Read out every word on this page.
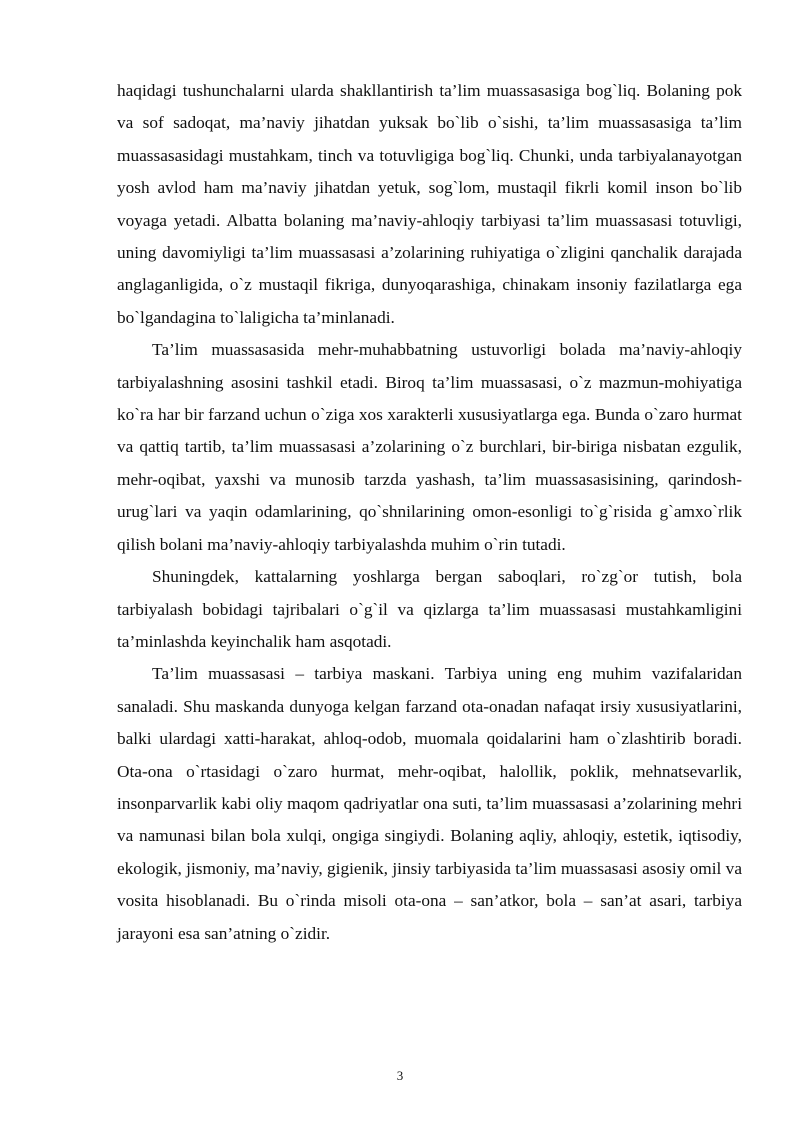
haqidagi tushunchalarni ularda shakllantirish ta’lim muassasasiga bog`liq. Bolaning pok va sof sadoqat, ma’naviy jihatdan yuksak bo`lib o`sishi, ta’lim muassasasiga ta’lim muassasasidagi mustahkam, tinch va totuvligiga bog`liq. Chunki, unda tarbiyalanayotgan yosh avlod ham ma’naviy jihatdan yetuk, sog`lom, mustaqil fikrli komil inson bo`lib voyaga yetadi. Albatta bolaning ma’naviy-ahloqiy tarbiyasi ta’lim muassasasi totuvligi, uning davomiyligi ta’lim muassasasi a’zolarining ruhiyatiga o`zligini qanchalik darajada anglaganligida, o`z mustaqil fikriga, dunyoqarashiga, chinakam insoniy fazilatlarga ega bo`lgandagina to`laligicha ta’minlanadi.

Ta’lim muassasasida mehr-muhabbatning ustuvorligi bolada ma’naviy-ahloqiy tarbiyalashning asosini tashkil etadi. Biroq ta’lim muassasasi, o`z mazmun-mohiyatiga ko`ra har bir farzand uchun o`ziga xos xarakterli xususiyatlarga ega. Bunda o`zaro hurmat va qattiq tartib, ta’lim muassasasi a’zolarining o`z burchlari, bir-biriga nisbatan ezgulik, mehr-oqibat, yaxshi va munosib tarzda yashash, ta’lim muassasasisining, qarindosh-urug`lari va yaqin odamlarining, qo`shnilarining omon-esonligi to`g`risida g`amxo`rlik qilish bolani ma’naviy-ahloqiy tarbiyalashda muhim o`rin tutadi.

Shuningdek, kattalarning yoshlarga bergan saboqlari, ro`zg`or tutish, bola tarbiyalash bobidagi tajribalari o`g`il va qizlarga ta’lim muassasasi mustahkamligini ta’minlashda keyinchalik ham asqotadi.

Ta’lim muassasasi – tarbiya maskani. Tarbiya uning eng muhim vazifalaridan sanaladi. Shu maskanda dunyoga kelgan farzand ota-onadan nafaqat irsiy xususiyatlarini, balki ulardagi xatti-harakat, ahloq-odob, muomala qoidalarini ham o`zlashtirib boradi. Ota-ona o`rtasidagi o`zaro hurmat, mehr-oqibat, halollik, poklik, mehnatsevarlik, insonparvarlik kabi oliy maqom qadriyatlar ona suti, ta’lim muassasasi a’zolarining mehri va namunasi bilan bola xulqi, ongiga singiydi. Bolaning aqliy, ahloqiy, estetik, iqtisodiy, ekologik, jismoniy, ma’naviy, gigienik, jinsiy tarbiyasida ta’lim muassasasi asosiy omil va vosita hisoblanadi. Bu o`rinda misoli ota-ona – san’atkor, bola – san’at asari, tarbiya jarayoni esa san’atning o`zidir.

3
